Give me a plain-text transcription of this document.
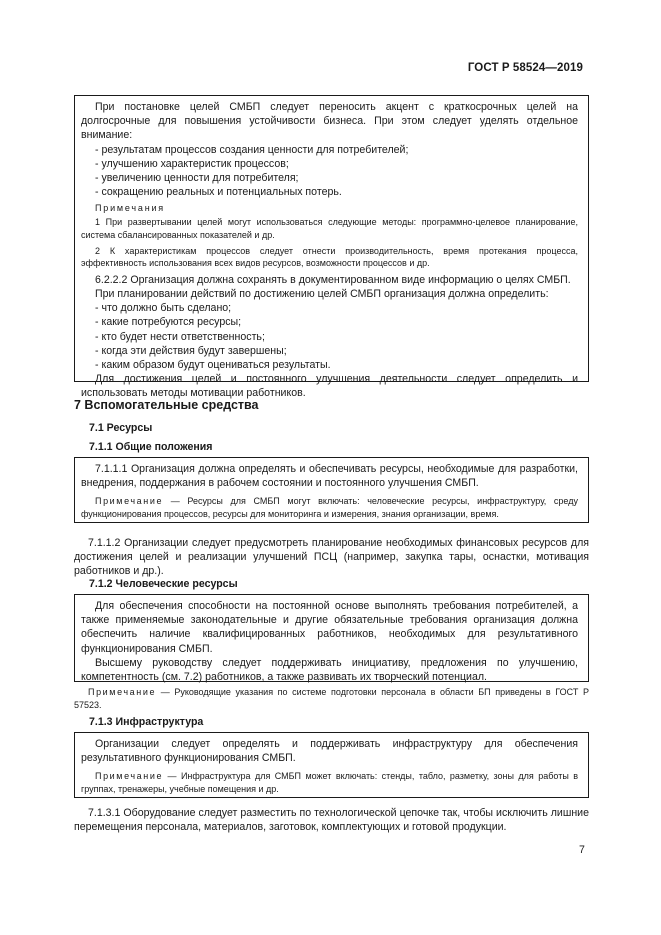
ГОСТ Р 58524—2019

При постановке целей СМБП следует переносить акцент с краткосрочных целей на долгосрочные для повышения устойчивости бизнеса. При этом следует уделять отдельное внимание:

- результатам процессов создания ценности для потребителей;

- улучшению характеристик процессов;

- увеличению ценности для потребителя;

- сокращению реальных и потенциальных потерь.

Примечания

1 При развертывании целей могут использоваться следующие методы: программно-целевое планирование, система сбалансированных показателей и др.

2 К характеристикам процессов следует отнести производительность, время протекания процесса, эффективность использования всех видов ресурсов, возможности процессов и др.

6.2.2.2 Организация должна сохранять в документированном виде информацию о целях СМБП.

При планировании действий по достижению целей СМБП организация должна определить:

- что должно быть сделано;

- какие потребуются ресурсы;

- кто будет нести ответственность;

- когда эти действия будут завершены;

- каким образом будут оцениваться результаты.

Для достижения целей и постоянного улучшения деятельности следует определить и использовать методы мотивации работников.

7 Вспомогательные средства

7.1 Ресурсы

7.1.1 Общие положения

7.1.1.1 Организация должна определять и обеспечивать ресурсы, необходимые для разработки, внедрения, поддержания в рабочем состоянии и постоянного улучшения СМБП.

Примечание — Ресурсы для СМБП могут включать: человеческие ресурсы, инфраструктуру, среду функционирования процессов, ресурсы для мониторинга и измерения, знания организации, время.

7.1.1.2 Организации следует предусмотреть планирование необходимых финансовых ресурсов для достижения целей и реализации улучшений ПСЦ (например, закупка тары, оснастки, мотивация работников и др.).

7.1.2 Человеческие ресурсы

Для обеспечения способности на постоянной основе выполнять требования потребителей, а также применяемые законодательные и другие обязательные требования организация должна обеспечить наличие квалифицированных работников, необходимых для результативного функционирования СМБП.

Высшему руководству следует поддерживать инициативу, предложения по улучшению, компетентность (см. 7.2) работников, а также развивать их творческий потенциал.

Примечание — Руководящие указания по системе подготовки персонала в области БП приведены в ГОСТ Р 57523.

7.1.3 Инфраструктура

Организации следует определять и поддерживать инфраструктуру для обеспечения результативного функционирования СМБП.

Примечание — Инфраструктура для СМБП может включать: стенды, табло, разметку, зоны для работы в группах, тренажеры, учебные помещения и др.

7.1.3.1 Оборудование следует разместить по технологической цепочке так, чтобы исключить лишние перемещения персонала, материалов, заготовок, комплектующих и готовой продукции.

7
